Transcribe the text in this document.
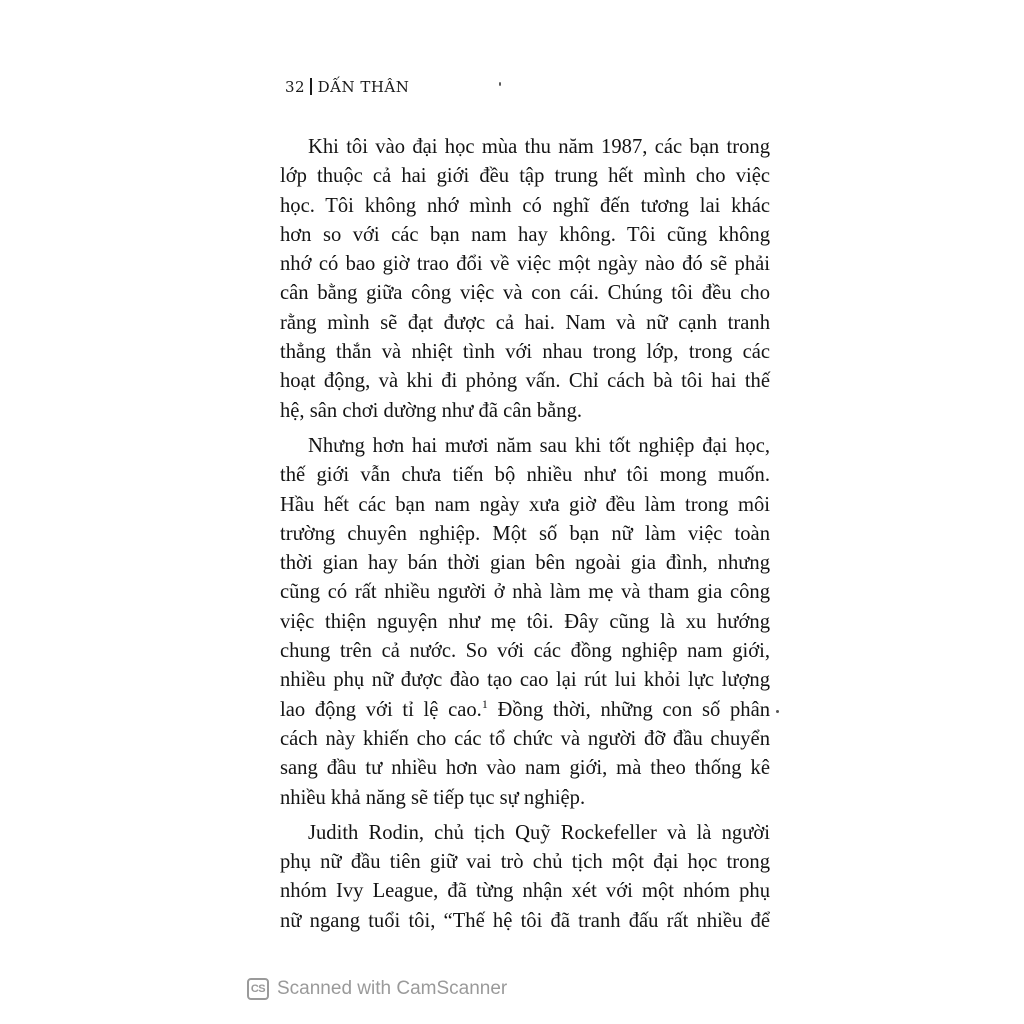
32 DẤN THÂN
Khi tôi vào đại học mùa thu năm 1987, các bạn trong
lớp thuộc cả hai giới đều tập trung hết mình cho việc
học. Tôi không nhớ mình có nghĩ đến tương lai khác
hơn so với các bạn nam hay không. Tôi cũng không
nhớ có bao giờ trao đổi về việc một ngày nào đó sẽ phải
cân bằng giữa công việc và con cái. Chúng tôi đều cho
rằng mình sẽ đạt được cả hai. Nam và nữ cạnh tranh
thẳng thắn và nhiệt tình với nhau trong lớp, trong các
hoạt động, và khi đi phỏng vấn. Chỉ cách bà tôi hai thế
hệ, sân chơi dường như đã cân bằng.
Nhưng hơn hai mươi năm sau khi tốt nghiệp đại học,
thế giới vẫn chưa tiến bộ nhiều như tôi mong muốn.
Hầu hết các bạn nam ngày xưa giờ đều làm trong môi
trường chuyên nghiệp. Một số bạn nữ làm việc toàn
thời gian hay bán thời gian bên ngoài gia đình, nhưng
cũng có rất nhiều người ở nhà làm mẹ và tham gia công
việc thiện nguyện như mẹ tôi. Đây cũng là xu hướng
chung trên cả nước. So với các đồng nghiệp nam giới,
nhiều phụ nữ được đào tạo cao lại rút lui khỏi lực lượng
lao động với tỉ lệ cao.$^1$ Đồng thời, những con số phân
cách này khiến cho các tổ chức và người đỡ đầu chuyển
sang đầu tư nhiều hơn vào nam giới, mà theo thống kê
nhiều khả năng sẽ tiếp tục sự nghiệp.
Judith Rodin, chủ tịch Quỹ Rockefeller và là người
phụ nữ đầu tiên giữ vai trò chủ tịch một đại học trong
nhóm Ivy League, đã từng nhận xét với một nhóm phụ
nữ ngang tuổi tôi, “Thế hệ tôi đã tranh đấu rất nhiều để
CS Scanned with CamScanner
